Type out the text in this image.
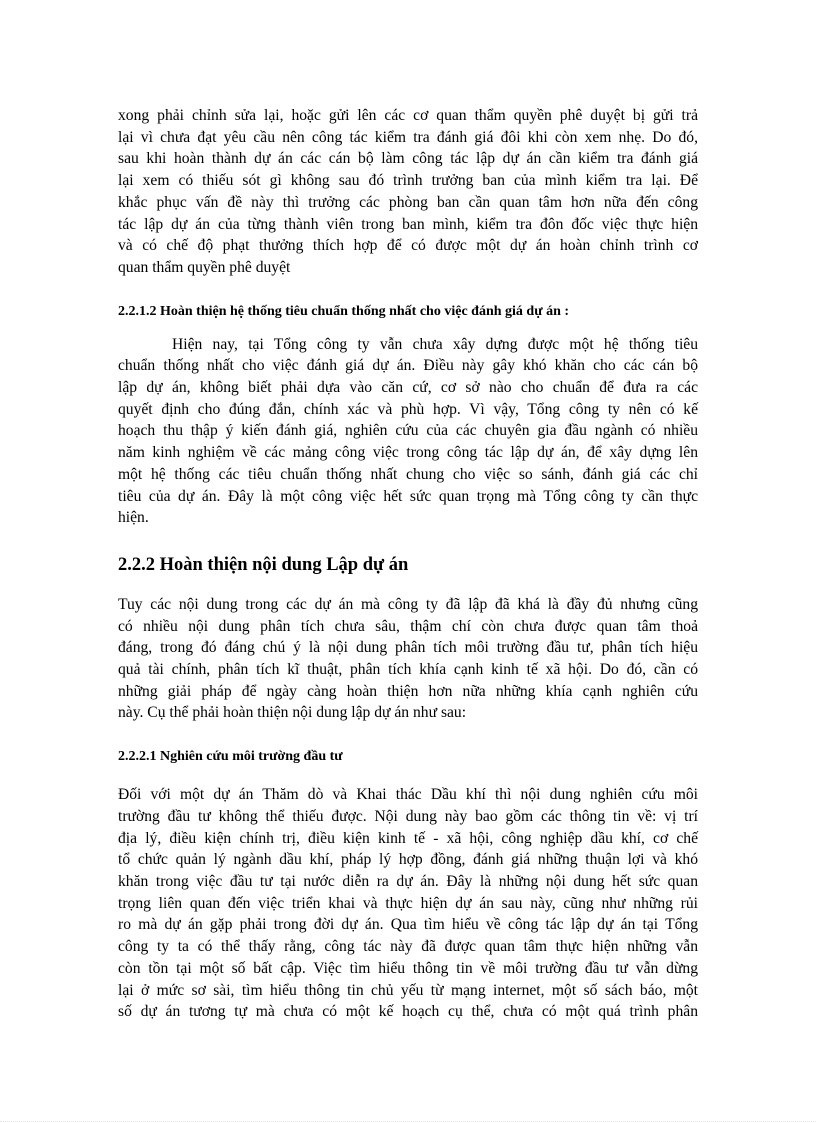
xong phải chỉnh sửa lại, hoặc gửi lên các cơ quan thẩm quyền phê duyệt bị gửi trả
lại vì chưa đạt yêu cầu nên công tác kiểm tra đánh giá đôi khi còn xem nhẹ. Do đó,
sau khi hoàn thành dự án các cán bộ làm công tác lập dự án cần kiểm tra đánh giá
lại xem có thiếu sót gì không sau đó trình trưởng ban của mình kiểm tra lại. Để
khắc phục vấn đề này thì trưởng các phòng ban cần quan tâm hơn nữa đến công
tác lập dự án của từng thành viên trong ban mình, kiểm tra đôn đốc việc thực hiện
và có chế độ phạt thưởng thích hợp để có được một dự án hoàn chỉnh trình cơ
quan thẩm quyền phê duyệt
2.2.1.2 Hoàn thiện hệ thống tiêu chuẩn thống nhất cho việc đánh giá dự án :
Hiện nay, tại Tổng công ty vẫn chưa xây dựng được một hệ thống tiêu
chuẩn thống nhất cho việc đánh giá dự án. Điều này gây khó khăn cho các cán bộ
lập dự án, không biết phải dựa vào căn cứ, cơ sở nào cho chuẩn để đưa ra các
quyết định cho đúng đắn, chính xác và phù hợp. Vì vậy, Tổng công ty nên có kế
hoạch thu thập ý kiến đánh giá, nghiên cứu của các chuyên gia đầu ngành có nhiều
năm kinh nghiệm về các mảng công việc trong công tác lập dự án, để xây dựng lên
một hệ thống các tiêu chuẩn thống nhất chung cho việc so sánh, đánh giá các chỉ
tiêu của dự án. Đây là một công việc hết sức quan trọng mà Tổng công ty cần thực
hiện.
2.2.2 Hoàn thiện nội dung Lập dự án
Tuy các nội dung trong các dự án mà công ty đã lập đã khá là đầy đủ nhưng cũng
có nhiều nội dung phân tích chưa sâu, thậm chí còn chưa được quan tâm thoả
đáng, trong đó đáng chú ý là nội dung phân tích môi trường đầu tư, phân tích hiệu
quả tài chính, phân tích kĩ thuật, phân tích khía cạnh kinh tế xã hội. Do đó, cần có
những giải pháp để ngày càng hoàn thiện hơn nữa những khía cạnh nghiên cứu
này. Cụ thể phải hoàn thiện nội dung lập dự án như sau:
2.2.2.1 Nghiên cứu môi trường đầu tư
Đối với một dự án Thăm dò và Khai thác Dầu khí thì nội dung nghiên cứu môi
trường đầu tư không thể thiếu được. Nội dung này bao gồm các thông tin về: vị trí
địa lý, điều kiện chính trị, điều kiện kinh tế - xã hội, công nghiệp dầu khí, cơ chế
tổ chức quản lý ngành dầu khí, pháp lý hợp đồng, đánh giá những thuận lợi và khó
khăn trong việc đầu tư tại nước diễn ra dự án. Đây là những nội dung hết sức quan
trọng liên quan đến việc triển khai và thực hiện dự án sau này, cũng như những rủi
ro mà dự án gặp phải trong đời dự án. Qua tìm hiểu về công tác lập dự án tại Tổng
công ty ta có thể thấy rằng, công tác này đã được quan tâm thực hiện những vẫn
còn tồn tại một số bất cập. Việc tìm hiểu thông tin về môi trường đầu tư vẫn dừng
lại ở mức sơ sài, tìm hiểu thông tin chủ yếu từ mạng internet, một số sách báo, một
số dự án tương tự mà chưa có một kế hoạch cụ thể, chưa có một quá trình phân
